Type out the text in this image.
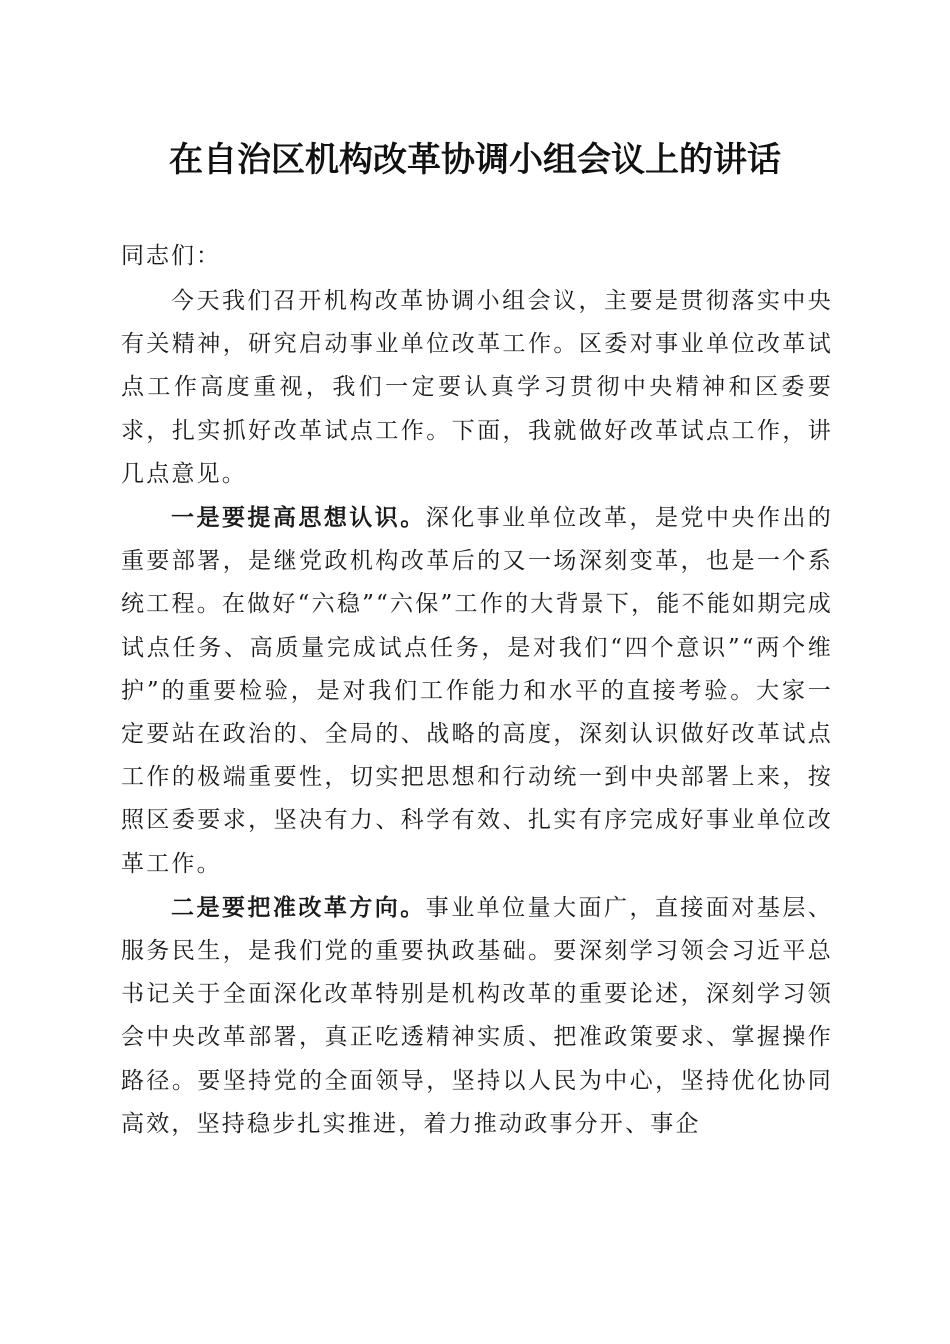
在自治区机构改革协调小组会议上的讲话
同志们：

今天我们召开机构改革协调小组会议，主要是贯彻落实中央有关精神，研究启动事业单位改革工作。区委对事业单位改革试点工作高度重视，我们一定要认真学习贯彻中央精神和区委要求，扎实抓好改革试点工作。下面，我就做好改革试点工作，讲几点意见。

一是要提高思想认识。深化事业单位改革，是党中央作出的重要部署，是继党政机构改革后的又一场深刻变革，也是一个系统工程。在做好“六稳”“六保”工作的大背景下，能不能如期完成试点任务、高质量完成试点任务，是对我们“四个意识”“两个维护”的重要检验，是对我们工作能力和水平的直接考验。大家一定要站在政治的、全局的、战略的高度，深刻认识做好改革试点工作的极端重要性，切实把思想和行动统一到中央部署上来，按照区委要求，坚决有力、科学有效、扎实有序完成好事业单位改革工作。

二是要把准改革方向。事业单位量大面广，直接面对基层、服务民生，是我们党的重要执政基础。要深刻学习领会习近平总书记关于全面深化改革特别是机构改革的重要论述，深刻学习领会中央改革部署，真正吃透精神实质、把准政策要求、掌握操作路径。要坚持党的全面领导，坚持以人民为中心，坚持优化协同高效，坚持稳步扎实推进，着力推动政事分开、事企
